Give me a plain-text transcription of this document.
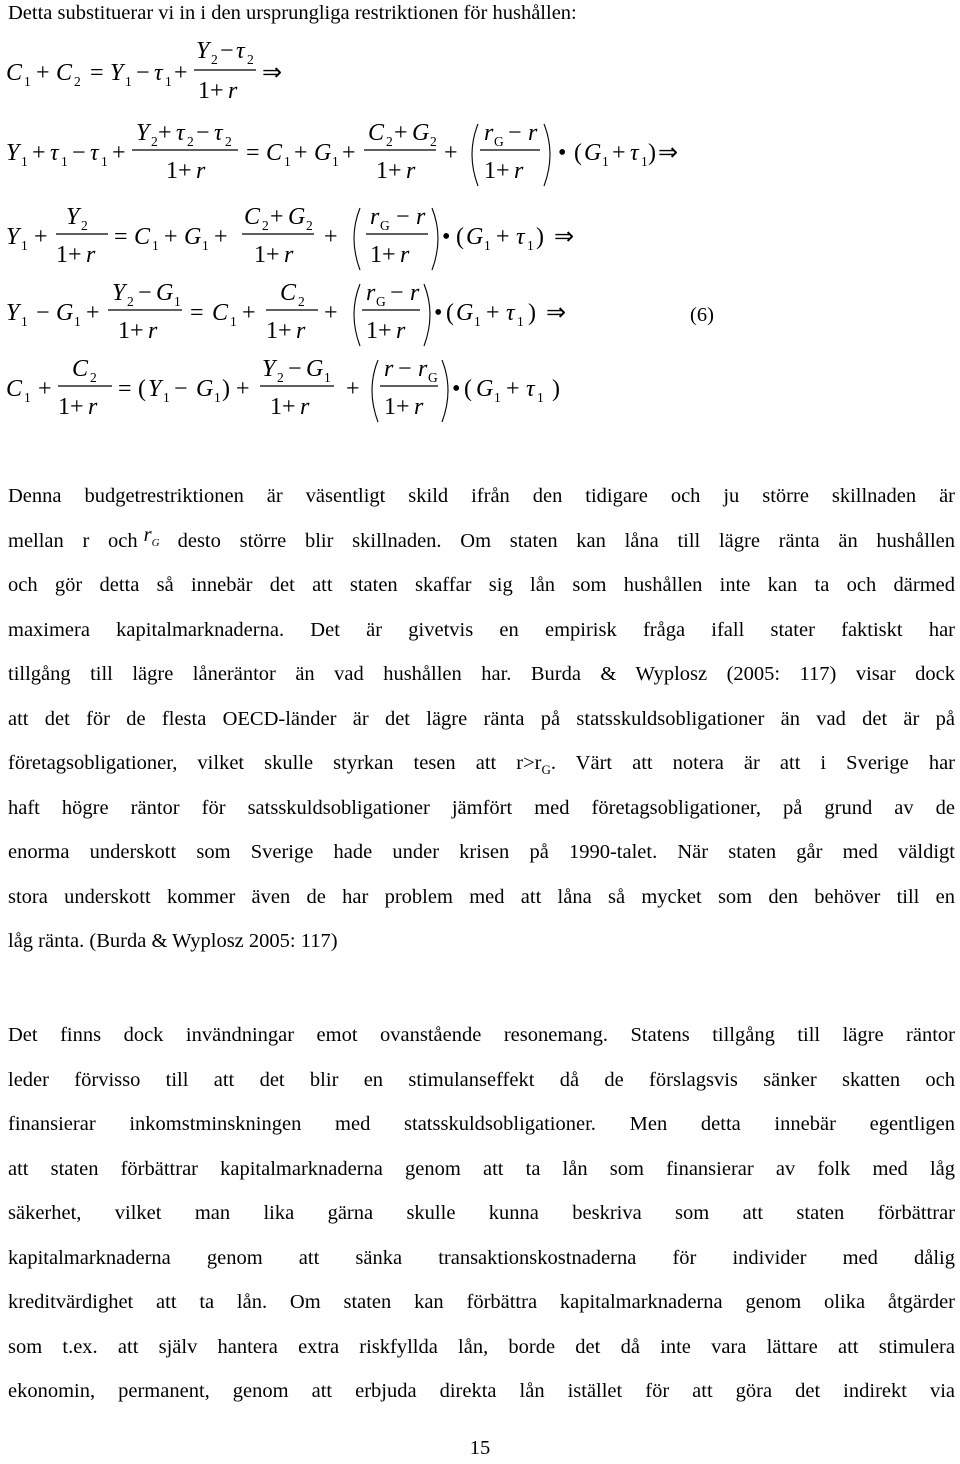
Detta substituerar vi in i den ursprungliga restriktionen för hushållen:
C 1 + C 2 = Y 1 − τ 1 +
Y 2 − τ 2
1+ r
⇒
Y 1 + τ 1 − τ 1 +
Y 2 + τ 2 − τ 2
1+ r
= C 1 + G 1 +
C 2 + G 2
1+ r
+
r G − r
1+ r
• ( G 1 + τ 1 ) ⇒
Y 1 +
Y 2
1+ r
= C 1 + G 1 +
C 2 + G 2
1+ r
+
r G − r
1+ r
• ( G 1 + τ 1 ) ⇒
Y 1 − G 1 +
Y 2 − G 1
1+ r
= C 1 +
C 2
1+ r
+
r G − r
1+ r
• ( G 1 + τ 1 ) ⇒
C 1 +
C 2
1+ r
= ( Y 1 − G 1 ) +
Y 2 − G 1
1+ r
+
r − r G
1+ r
• ( G 1 + τ 1 )
(6)
Denna budgetrestriktionen är väsentligt skild ifrån den tidigare och ju större skillnaden är
mellan r och $r_G$ desto större blir skillnaden. Om staten kan låna till lägre ränta än hushållen
och gör detta så innebär det att staten skaffar sig lån som hushållen inte kan ta och därmed
maximera kapitalmarknaderna. Det är givetvis en empirisk fråga ifall stater faktiskt har
tillgång till lägre låneräntor än vad hushållen har. Burda & Wyplosz (2005: 117) visar dock
att det för de flesta OECD-länder är det lägre ränta på statsskuldsobligationer än vad det är på
företagsobligationer, vilket skulle styrkan tesen att $r>r_G$. Värt att notera är att i Sverige har
haft högre räntor för satsskuldsobligationer jämfört med företagsobligationer, på grund av de
enorma underskott som Sverige hade under krisen på 1990-talet. När staten går med väldigt
stora underskott kommer även de har problem med att låna så mycket som den behöver till en
låg ränta. (Burda & Wyplosz 2005: 117)
Det finns dock invändningar emot ovanstående resonemang. Statens tillgång till lägre räntor
leder förvisso till att det blir en stimulanseffekt då de förslagsvis sänker skatten och
finansierar inkomstminskningen med statsskuldsobligationer. Men detta innebär egentligen
att staten förbättrar kapitalmarknaderna genom att ta lån som finansierar av folk med låg
säkerhet, vilket man lika gärna skulle kunna beskriva som att staten förbättrar
kapitalmarknaderna genom att sänka transaktionskostnaderna för individer med dålig
kreditvärdighet att ta lån. Om staten kan förbättra kapitalmarknaderna genom olika åtgärder
som t.ex. att själv hantera extra riskfyllda lån, borde det då inte vara lättare att stimulera
ekonomin, permanent, genom att erbjuda direkta lån istället för att göra det indirekt via
15
